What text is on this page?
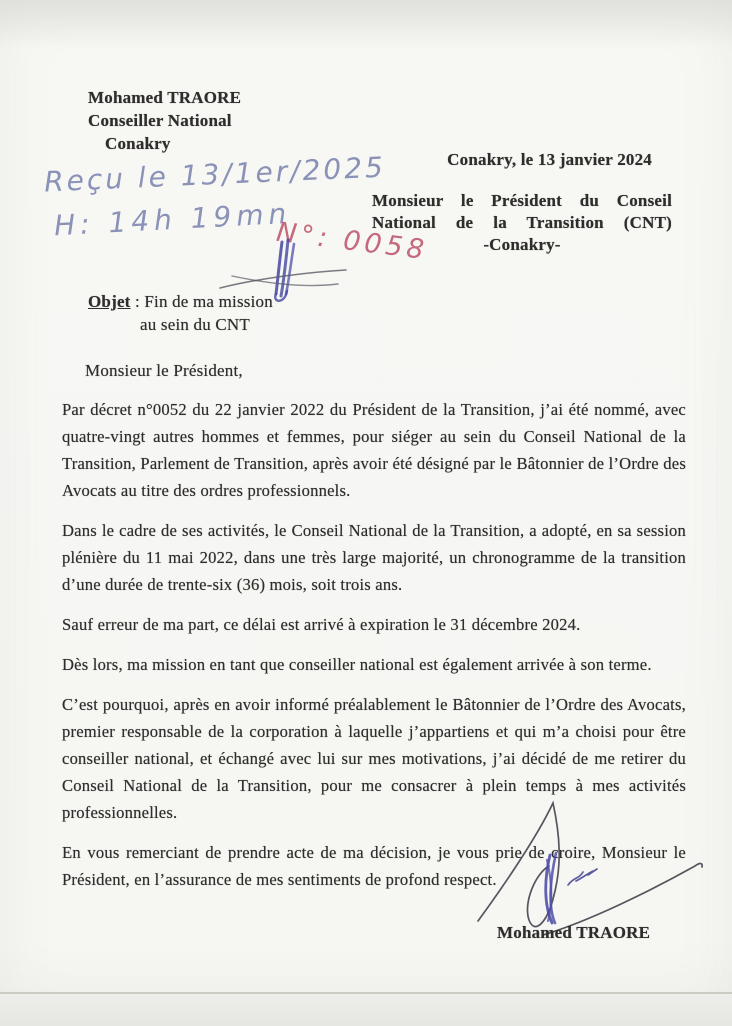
Mohamed TRAORE
Conseiller National
Conakry
Reçu le 13/1er/2025
H: 14h 19mn
N°: 0058
Conakry, le 13 janvier 2024
Monsieur le Président du Conseil
National de la Transition (CNT)
-Conakry-
Objet : Fin de ma mission
au sein du CNT
Monsieur le Président,

Par décret n°0052 du 22 janvier 2022 du Président de la Transition, j’ai été nommé, avec quatre-vingt autres hommes et femmes, pour siéger au sein du Conseil National de la Transition, Parlement de Transition, après avoir été désigné par le Bâtonnier de l’Ordre des Avocats au titre des ordres professionnels.

Dans le cadre de ses activités, le Conseil National de la Transition, a adopté, en sa session plénière du 11 mai 2022, dans une très large majorité, un chronogramme de la transition d’une durée de trente-six (36) mois, soit trois ans.

Sauf erreur de ma part, ce délai est arrivé à expiration le 31 décembre 2024.

Dès lors, ma mission en tant que conseiller national est également arrivée à son terme.

C’est pourquoi, après en avoir informé préalablement le Bâtonnier de l’Ordre des Avocats, premier responsable de la corporation à laquelle j’appartiens et qui m’a choisi pour être conseiller national, et échangé avec lui sur mes motivations, j’ai décidé de me retirer du Conseil National de la Transition, pour me consacrer à plein temps à mes activités professionnelles.

En vous remerciant de prendre acte de ma décision, je vous prie de croire, Monsieur le Président, en l’assurance de mes sentiments de profond respect.

Mohamed TRAORE
